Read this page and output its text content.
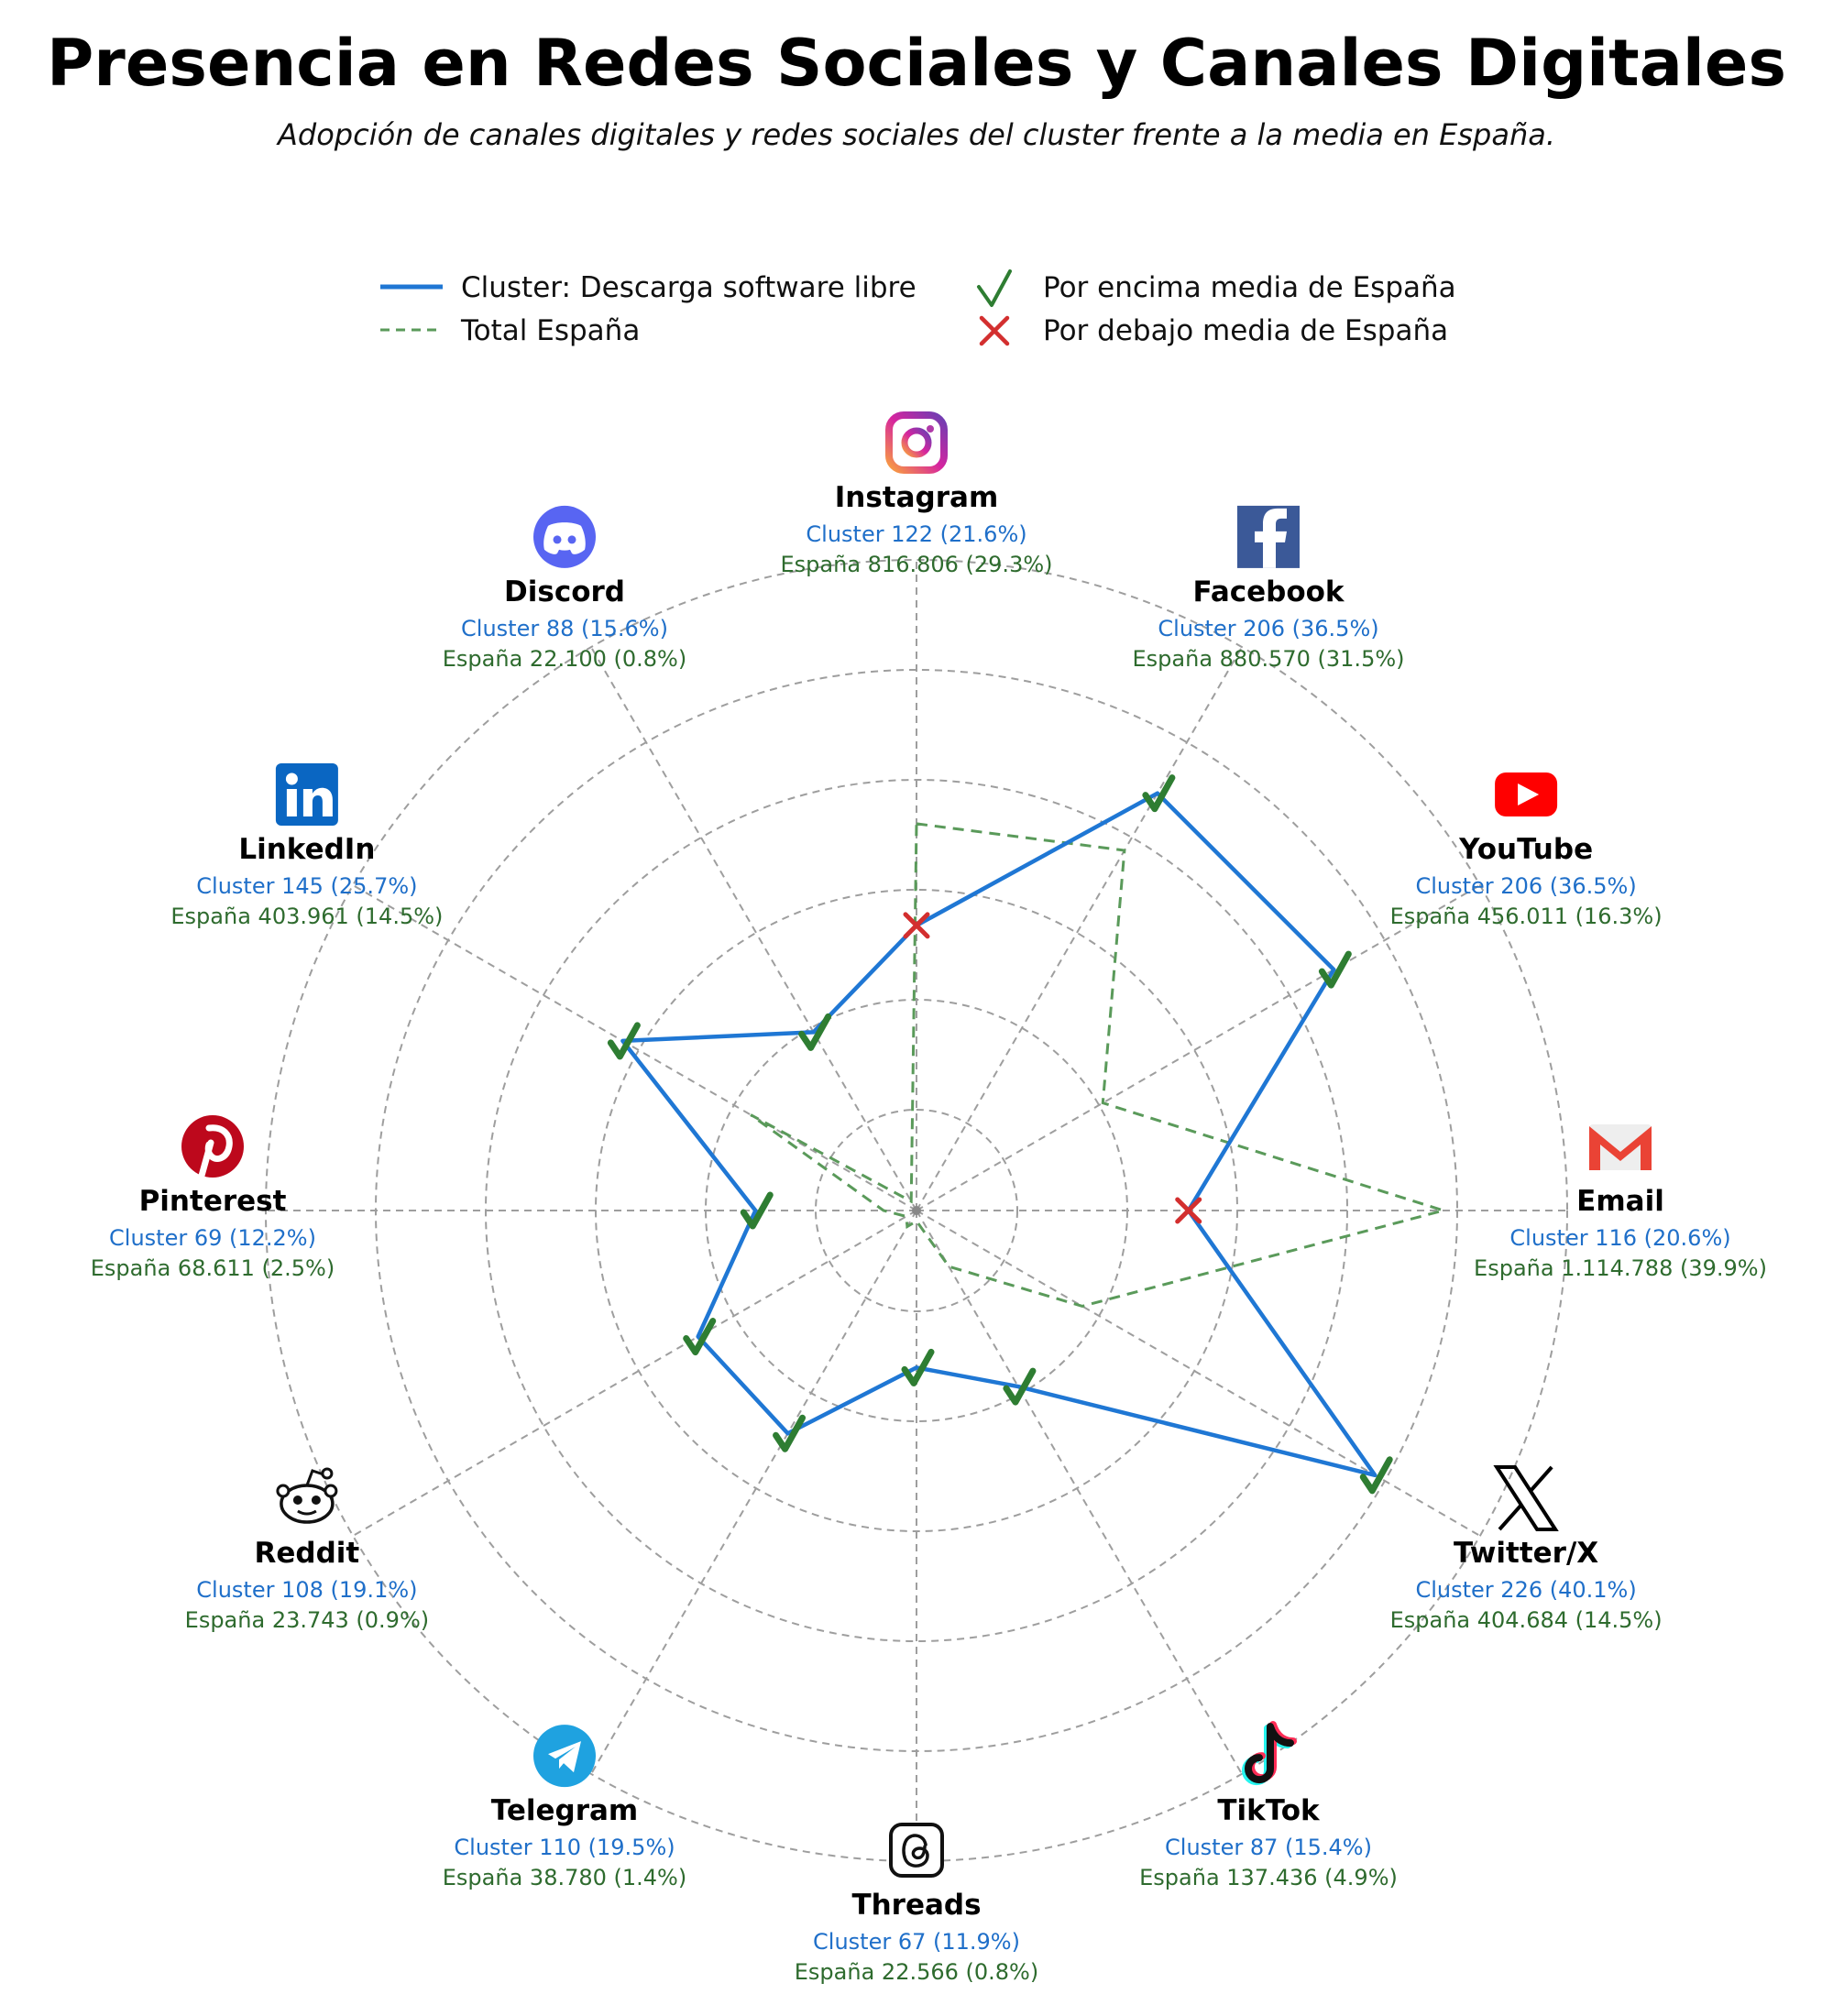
Presencia en Redes Sociales y Canales Digitales
Adopción de canales digitales y redes sociales del cluster frente a la media en España.
Instagram
Cluster 122 (21.6%)
España 816.806 (29.3%)
Facebook
Cluster 206 (36.5%)
España 880.570 (31.5%)
YouTube
Cluster 206 (36.5%)
España 456.011 (16.3%)
Email
Cluster 116 (20.6%)
España 1.114.788 (39.9%)
Twitter/X
Cluster 226 (40.1%)
España 404.684 (14.5%)
TikTok
Cluster 87 (15.4%)
España 137.436 (4.9%)
Threads
Cluster 67 (11.9%)
España 22.566 (0.8%)
Telegram
Cluster 110 (19.5%)
España 38.780 (1.4%)
Reddit
Cluster 108 (19.1%)
España 23.743 (0.9%)
Pinterest
Cluster 69 (12.2%)
España 68.611 (2.5%)
LinkedIn
Cluster 145 (25.7%)
España 403.961 (14.5%)
Discord
Cluster 88 (15.6%)
España 22.100 (0.8%)
Cluster: Descarga software libre
Total España
Por encima media de España
Por debajo media de España
